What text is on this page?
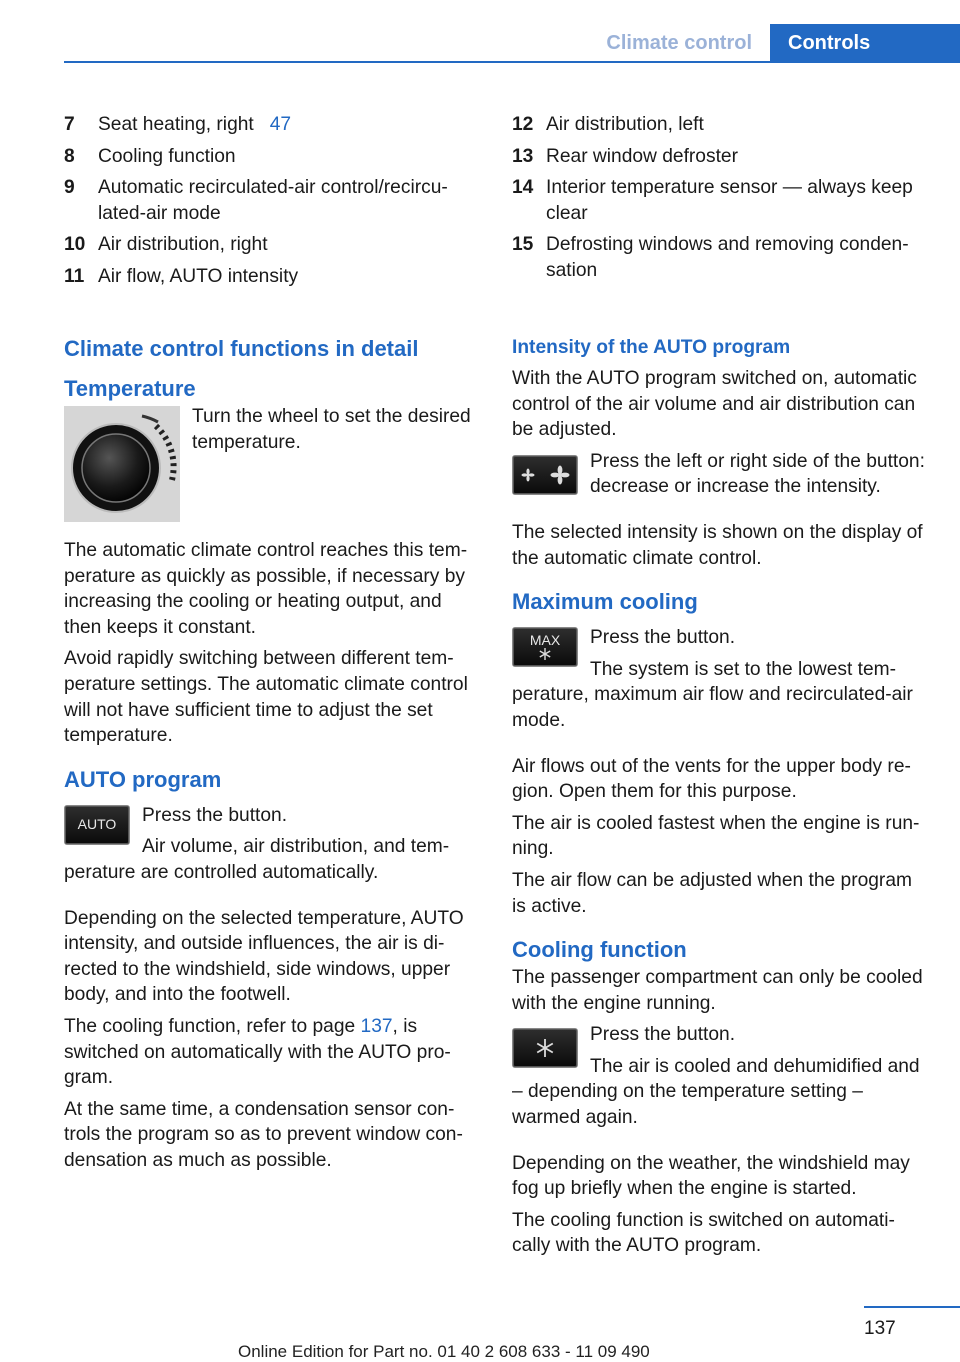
Climate control	Controls
7	Seat heating, right 47
8	Cooling function
9	Automatic recirculated-air control/recircu-lated-air mode
10 Air distribution, right
11 Air flow, AUTO intensity
12 Air distribution, left
13 Rear window defroster
14 Interior temperature sensor — always keep clear
15 Defrosting windows and removing conden-sation
Climate control functions in detail
Temperature

Turn the wheel to set the desired temperature.

The automatic climate control reaches this tem-perature as quickly as possible, if necessary by increasing the cooling or heating output, and then keeps it constant.

Avoid rapidly switching between different tem-perature settings. The automatic climate control will not have sufficient time to adjust the set temperature.

AUTO program
AUTO	Press the button.

Air volume, air distribution, and tem-perature are controlled automatically.

Depending on the selected temperature, AUTO intensity, and outside influences, the air is di-rected to the windshield, side windows, upper body, and into the footwell.

The cooling function, refer to page 137, is switched on automatically with the AUTO pro-gram.

At the same time, a condensation sensor con-trols the program so as to prevent window con-densation as much as possible.

Intensity of the AUTO program

With the AUTO program switched on, automatic control of the air volume and air distribution can be adjusted.

Press the left or right side of the button: decrease or increase the intensity.

The selected intensity is shown on the display of the automatic climate control.

Maximum cooling
MAX	Press the button.

The system is set to the lowest tem-perature, maximum air flow and recirculated-air mode.

Air flows out of the vents for the upper body re-gion. Open them for this purpose.

The air is cooled fastest when the engine is run-ning.

The air flow can be adjusted when the program is active.

Cooling function

The passenger compartment can only be cooled with the engine running.

Press the button.

The air is cooled and dehumidified and – depending on the temperature setting – warmed again.

Depending on the weather, the windshield may fog up briefly when the engine is started.

The cooling function is switched on automati-cally with the AUTO program.

137
Online Edition for Part no. 01 40 2 608 633 - 11 09 490
